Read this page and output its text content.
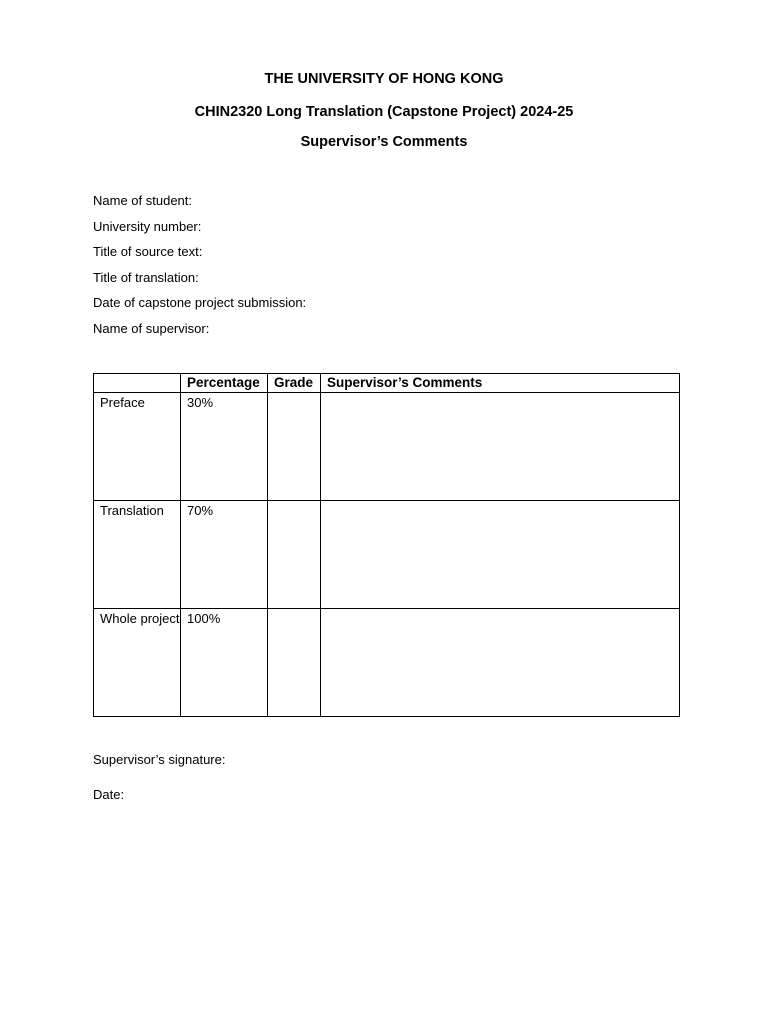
THE UNIVERSITY OF HONG KONG
CHIN2320 Long Translation (Capstone Project) 2024-25
Supervisor’s Comments
Name of student:
University number:
Title of source text:
Title of translation:
Date of capstone project submission:
Name of supervisor:
	Percentage	Grade	Supervisor’s Comments
Preface	30%		
Translation	70%		
Whole project	100%		
Supervisor’s signature:
Date:
